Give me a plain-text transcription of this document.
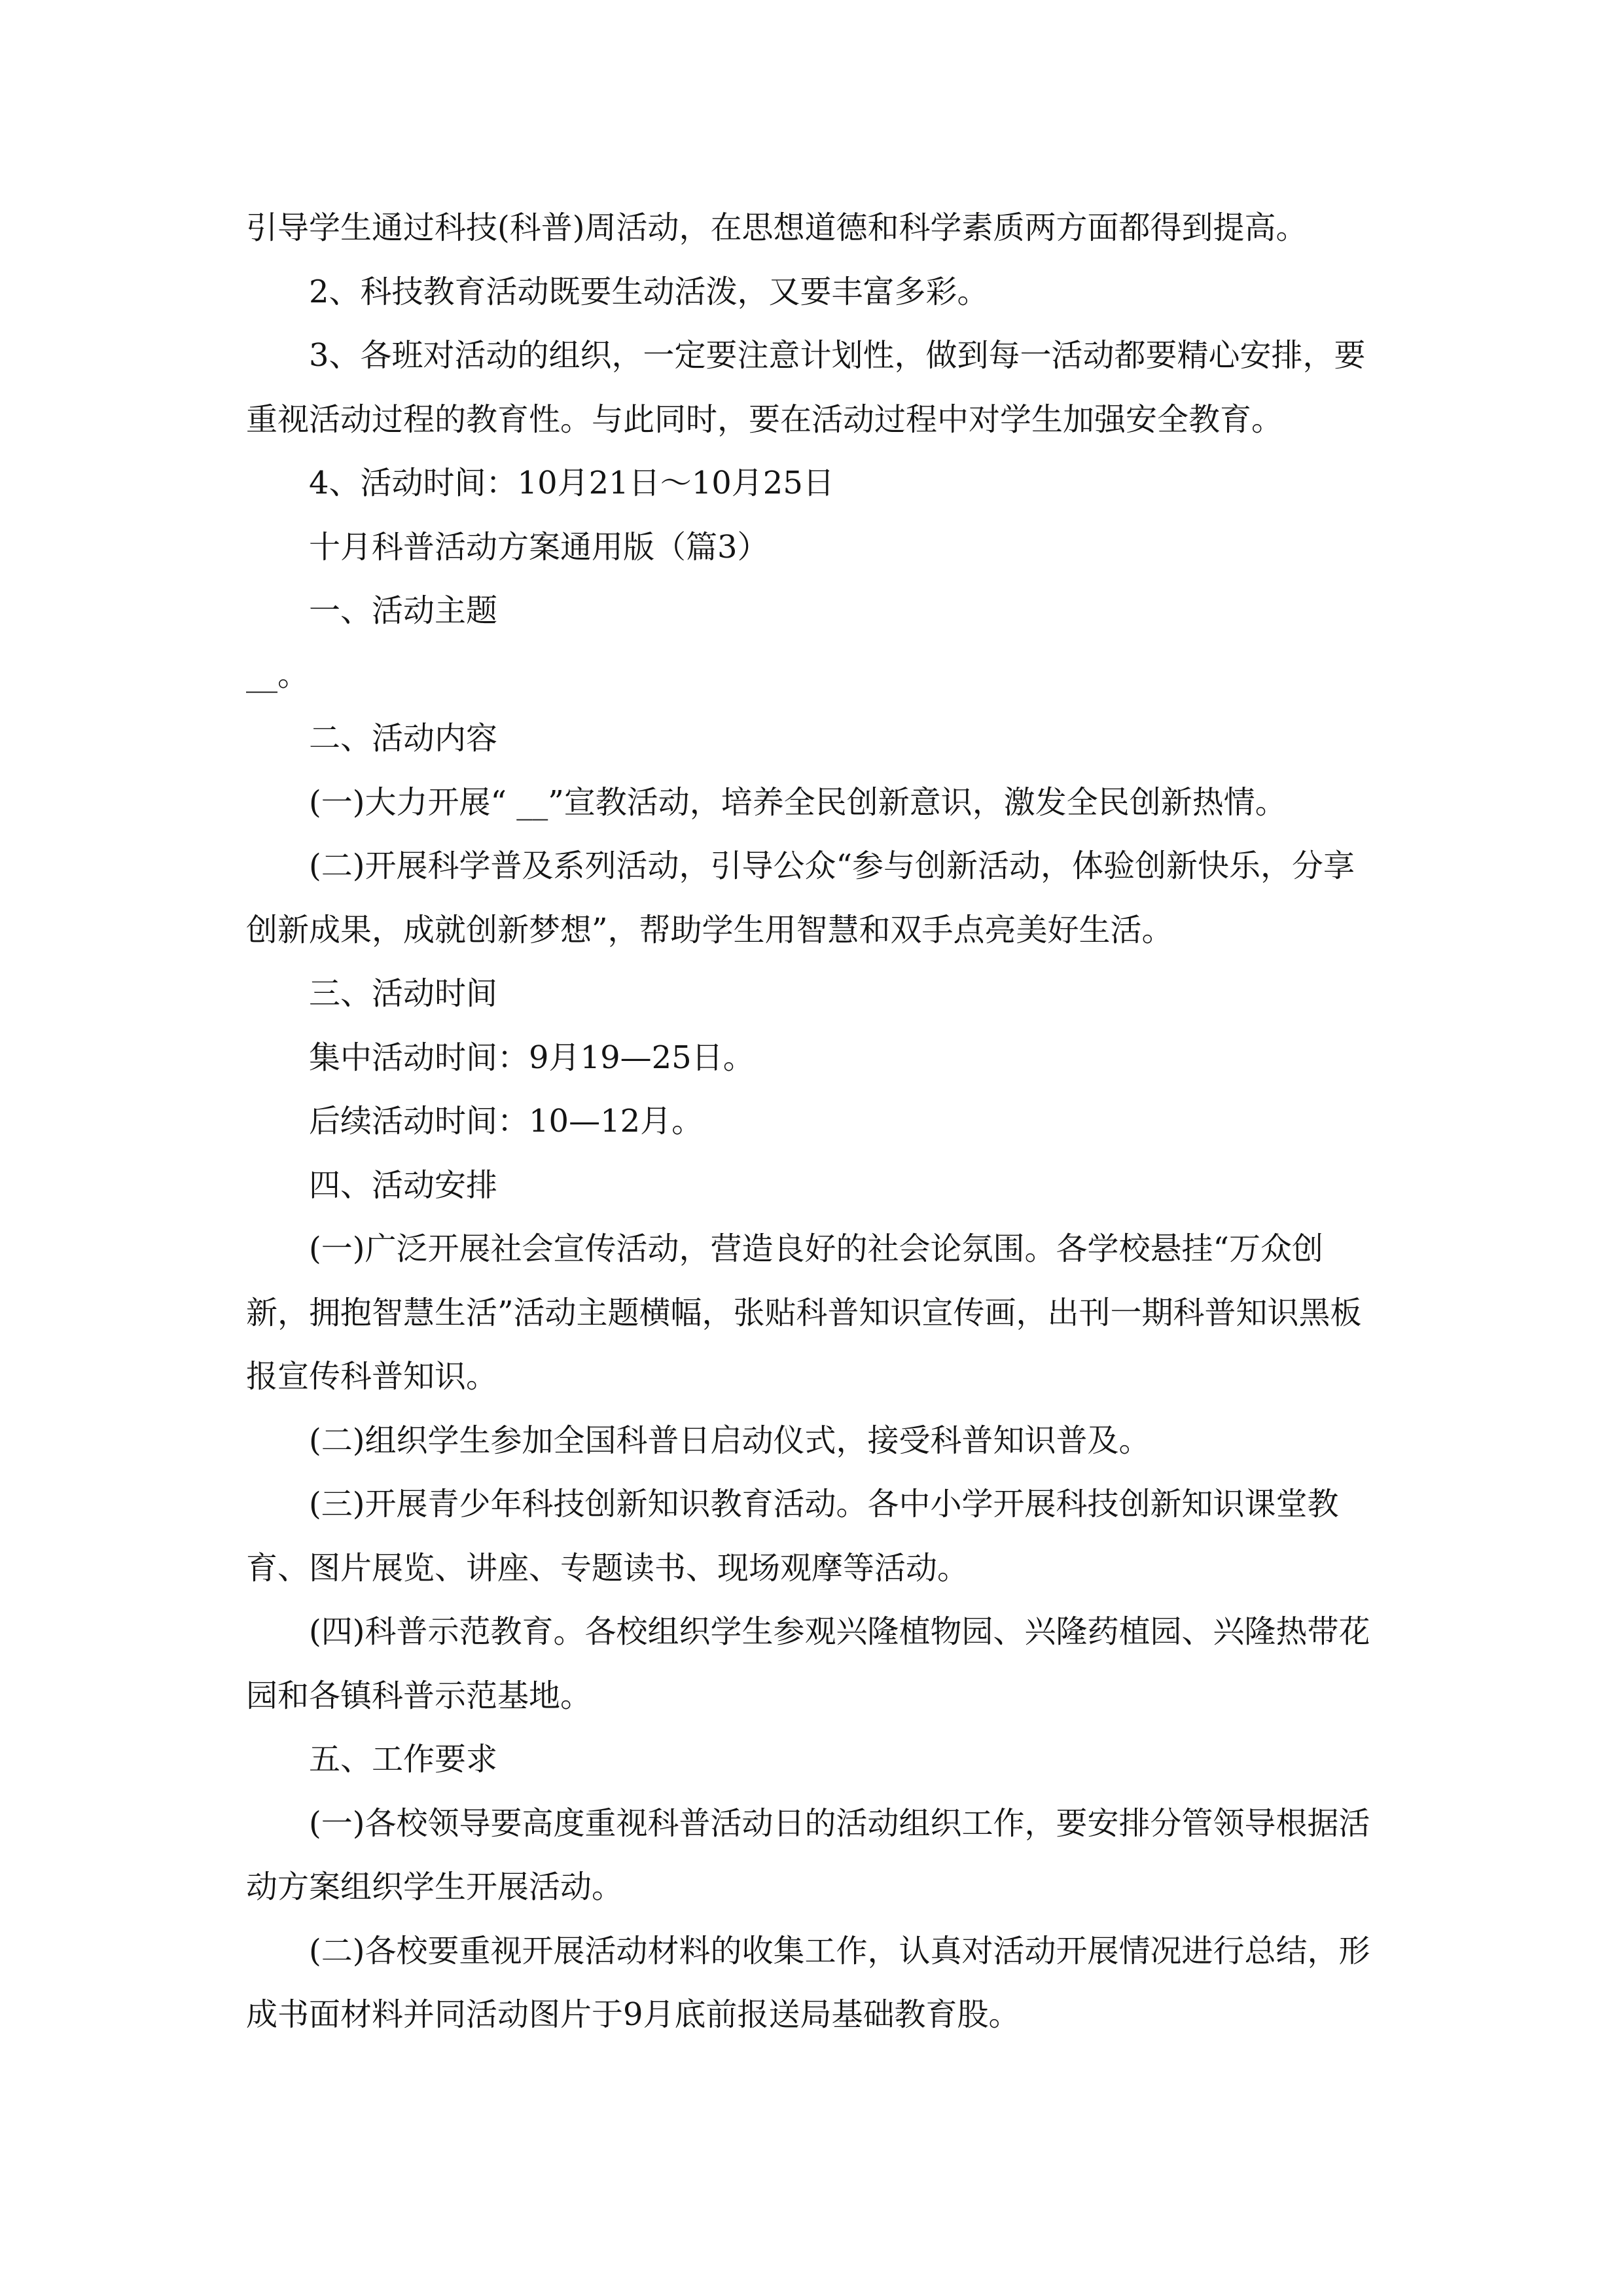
引导学生通过科技(科普)周活动，在思想道德和科学素质两方面都得到提高。

2、科技教育活动既要生动活泼，又要丰富多彩。

3、各班对活动的组织，一定要注意计划性，做到每一活动都要精心安排，要重视活动过程的教育性。与此同时，要在活动过程中对学生加强安全教育。

4、活动时间：10月21日～10月25日

十月科普活动方案通用版（篇3）

一、活动主题

__。

二、活动内容

(一)大力开展“ __”宣教活动，培养全民创新意识，激发全民创新热情。

(二)开展科学普及系列活动，引导公众“参与创新活动，体验创新快乐，分享创新成果，成就创新梦想”，帮助学生用智慧和双手点亮美好生活。

三、活动时间

集中活动时间：9月19—25日。

后续活动时间：10—12月。

四、活动安排

(一)广泛开展社会宣传活动，营造良好的社会论氛围。各学校悬挂“万众创新，拥抱智慧生活”活动主题横幅，张贴科普知识宣传画，出刊一期科普知识黑板报宣传科普知识。

(二)组织学生参加全国科普日启动仪式，接受科普知识普及。

(三)开展青少年科技创新知识教育活动。各中小学开展科技创新知识课堂教育、图片展览、讲座、专题读书、现场观摩等活动。

(四)科普示范教育。各校组织学生参观兴隆植物园、兴隆药植园、兴隆热带花园和各镇科普示范基地。

五、工作要求

(一)各校领导要高度重视科普活动日的活动组织工作，要安排分管领导根据活动方案组织学生开展活动。

(二)各校要重视开展活动材料的收集工作，认真对活动开展情况进行总结，形成书面材料并同活动图片于9月底前报送局基础教育股。
